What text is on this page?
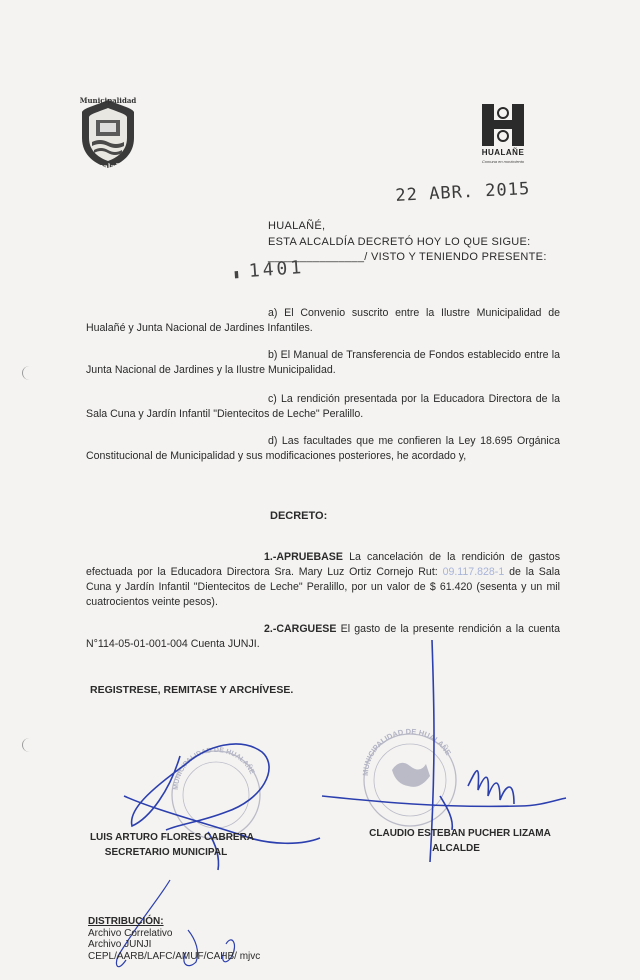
Municipalidad
Hualañé
HUALAÑE
Comuna en movimiento
22 ABR. 2015
HUALAÑÉ,
ESTA ALCALDÍA DECRETÓ HOY LO QUE SIGUE:
_______________/ VISTO Y TENIENDO PRESENTE:
▮ 1401
a) El Convenio suscrito entre la Ilustre Municipalidad de Hualañé y Junta Nacional de Jardines Infantiles.
b) El Manual de Transferencia de Fondos establecido entre la Junta Nacional de Jardines y la Ilustre Municipalidad.
c) La rendición presentada por la Educadora Directora de la Sala Cuna y Jardín Infantil "Dientecitos de Leche" Peralillo.
d) Las facultades que me confieren la Ley 18.695 Orgánica Constitucional de Municipalidad y sus modificaciones posteriores, he acordado y,
DECRETO:
1.-APRUEBASE La cancelación de la rendición de gastos efectuada por la Educadora Directora Sra. Mary Luz Ortiz Cornejo Rut: 09.117.828-1 de la Sala Cuna y Jardín Infantil "Dientecitos de Leche" Peralillo, por un valor de $ 61.420 (sesenta y un mil cuatrocientos veinte pesos).
2.-CARGUESE El gasto de la presente rendición a la cuenta N°114-05-01-001-004 Cuenta JUNJI.
REGISTRESE, REMITASE Y ARCHÍVESE.
MUNICIPALIDAD DE HUALAÑE	MUNICIPALIDAD DE HUALAÑE
LUIS ARTURO FLORES CABRERA
SECRETARIO MUNICIPAL
CLAUDIO ESTEBAN PUCHER LIZAMA
ALCALDE
DISTRIBUCIÓN:
Archivo Correlativo
Archivo JUNJI
CEPL/AARB/LAFC/AMUF/CAHB/ mjvc
